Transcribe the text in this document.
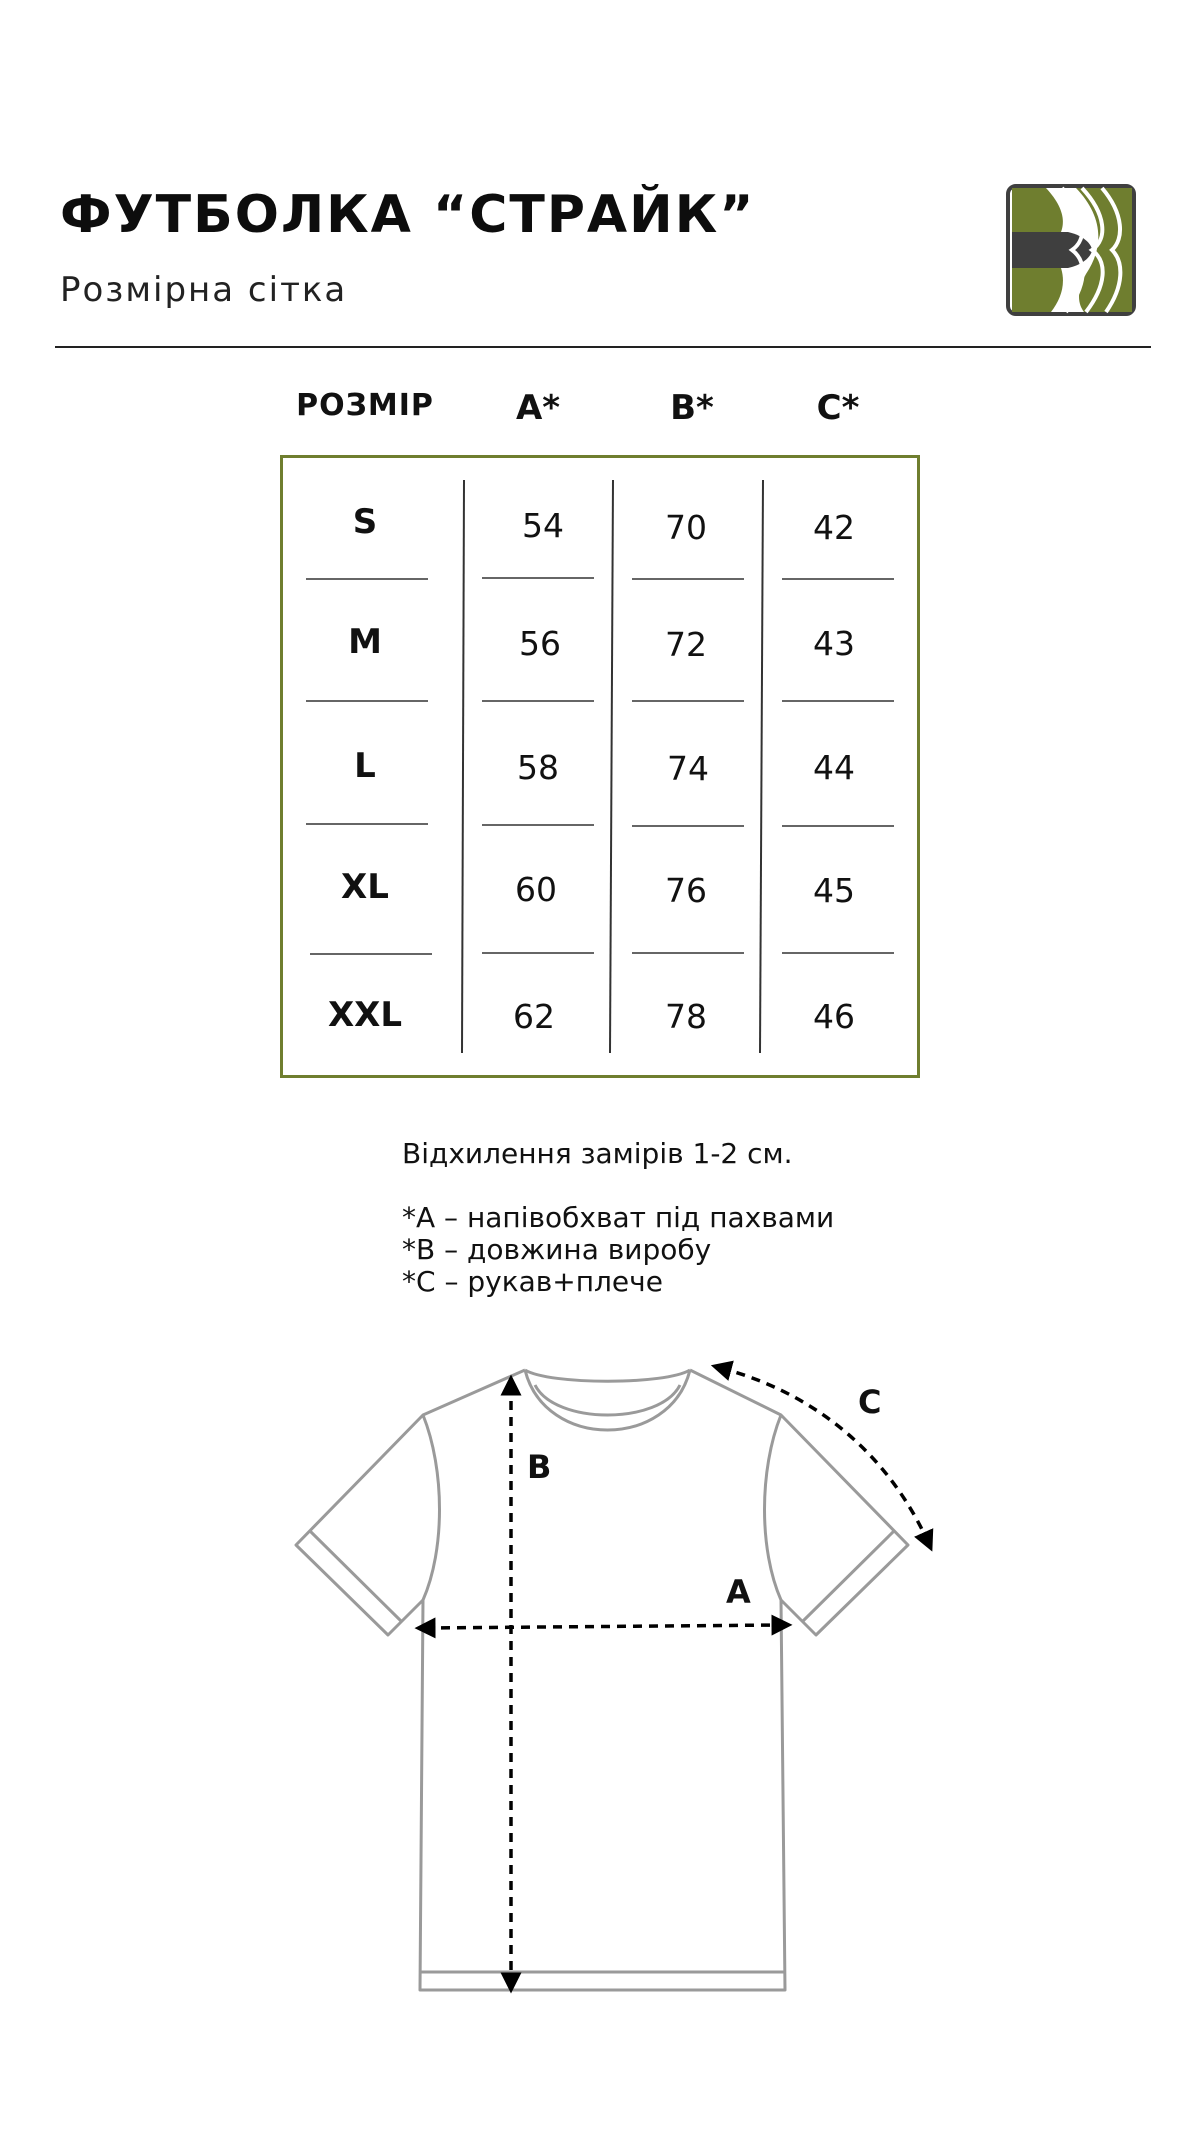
ФУТБОЛКА “СТРАЙК”
Розмірна сітка
РОЗМІР	A*	B*	C*
S	54	70	42
M	56	72	43
L	58	74	44
XL	60	76	45
XXL	62	78	46
Відхилення замірів 1-2 см.
*A – напівобхват під пахвами
*B – довжина виробу
*C – рукав+плече
B
A
C
